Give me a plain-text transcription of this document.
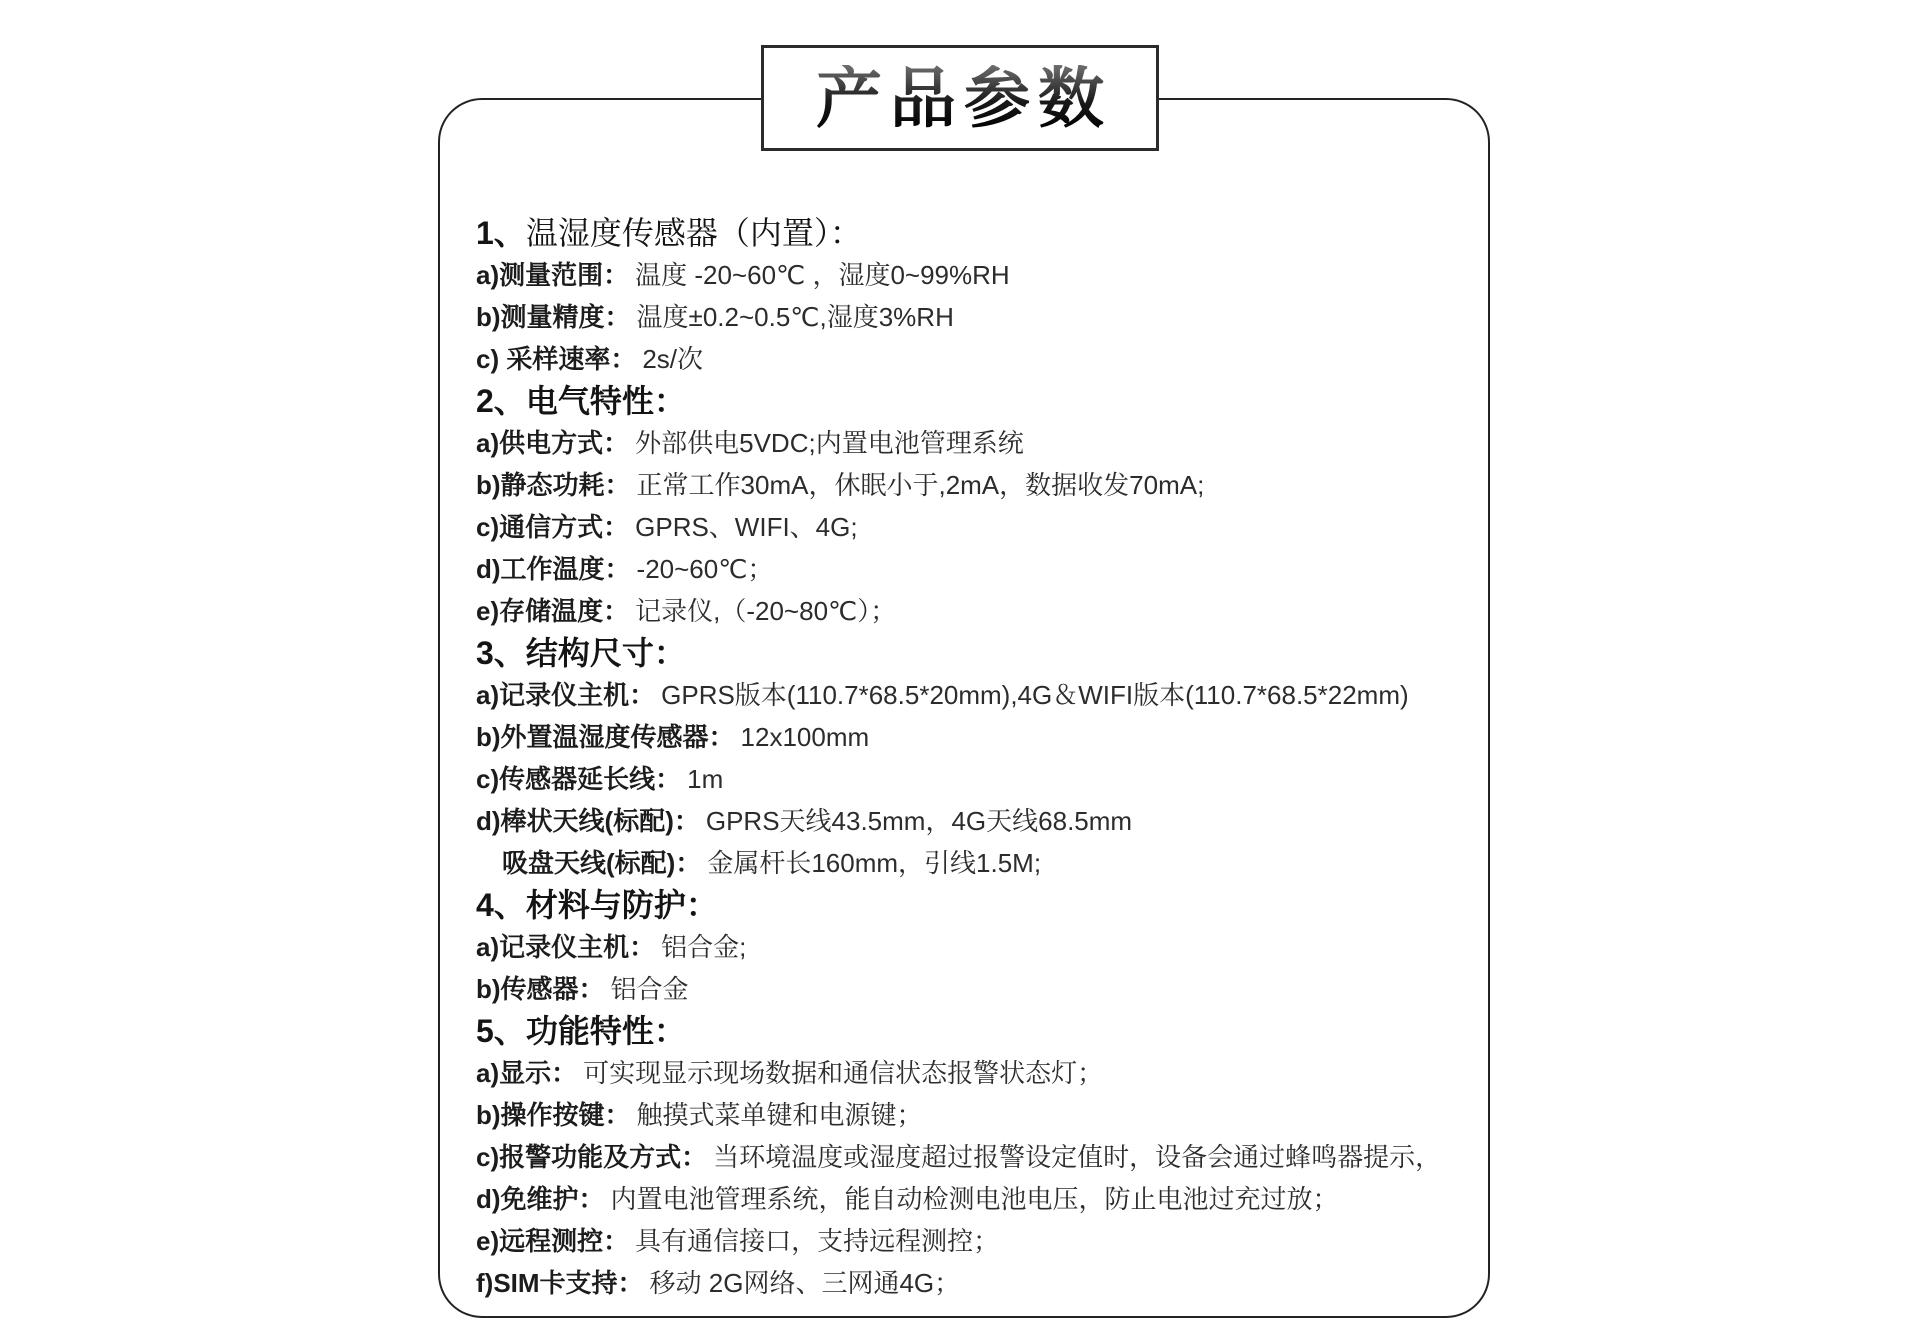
产品参数
1、温湿度传感器（内置）：
a)测量范围： 温度 -20~60℃ ，湿度0~99%RH
b)测量精度： 温度±0.2~0.5℃,湿度3%RH
c) 采样速率： 2s/次
2、电气特性：
a)供电方式： 外部供电5VDC;内置电池管理系统
b)静态功耗： 正常工作30mA，休眠小于,2mA，数据收发70mA;
c)通信方式： GPRS、WIFI、4G;
d)工作温度： -20~60℃；
e)存储温度： 记录仪,（-20~80℃）；
3、结构尺寸：
a)记录仪主机： GPRS版本(110.7*68.5*20mm),4G＆WIFI版本(110.7*68.5*22mm)
b)外置温湿度传感器： 12x100mm
c)传感器延长线： 1m
d)棒状天线(标配)： GPRS天线43.5mm，4G天线68.5mm
吸盘天线(标配)： 金属杆长160mm，引线1.5M;
4、材料与防护：
a)记录仪主机： 铝合金;
b)传感器： 铝合金
5、功能特性：
a)显示： 可实现显示现场数据和通信状态报警状态灯；
b)操作按键： 触摸式菜单键和电源键；
c)报警功能及方式： 当环境温度或湿度超过报警设定值时，设备会通过蜂鸣器提示，
d)免维护： 内置电池管理系统，能自动检测电池电压，防止电池过充过放；
e)远程测控： 具有通信接口，支持远程测控；
f)SIM卡支持： 移动 2G网络、三网通4G；
